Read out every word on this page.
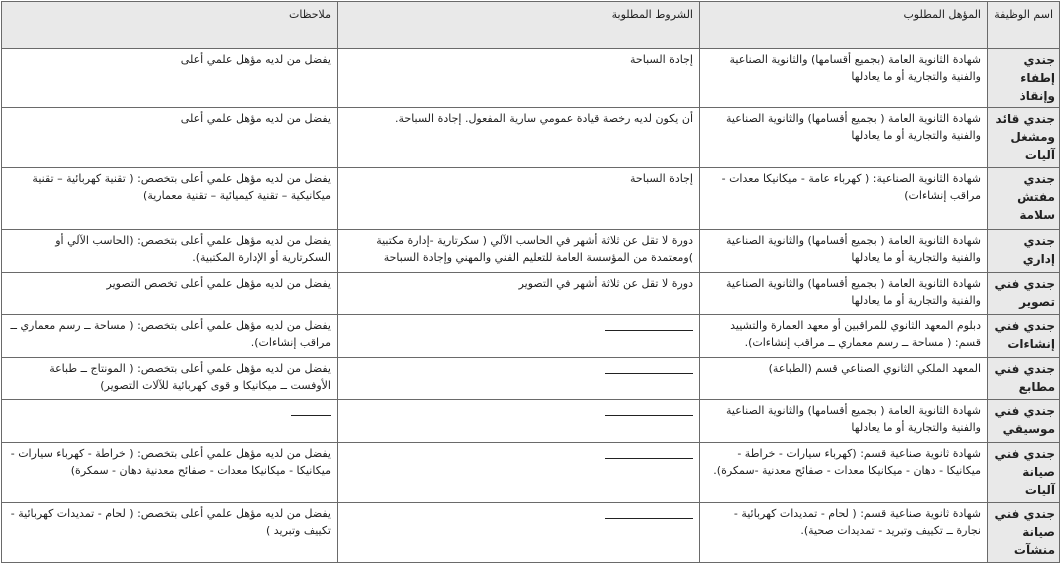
اسم الوظيفة	المؤهل المطلوب	الشروط المطلوبة	ملاحظات
جندي إطفاء وإنقاذ	شهادة الثانوية العامة (بجميع أقسامها) والثانوية الصناعية والفنية والتجارية أو ما يعادلها	إجادة السباحة	يفضل من لديه مؤهل علمي أعلى
جندي قائد ومشغل آليات	شهادة الثانوية العامة ( بجميع أقسامها) والثانوية الصناعية والفنية والتجارية أو ما يعادلها	أن يكون لديه رخصة قيادة عمومي سارية المفعول. إجادة السباحة.	يفضل من لديه مؤهل علمي أعلى
جندي مفتش سلامة	شهادة الثانوية الصناعية: ( كهرباء عامة - ميكانيكا معدات - مراقب إنشاءات)	إجادة السباحة	يفضل من لديه مؤهل علمي أعلى بتخصص: ( تقنية كهربائية – تقنية ميكانيكية – تقنية كيميائية – تقنية معمارية)
جندي إداري	شهادة الثانوية العامة ( بجميع أقسامها) والثانوية الصناعية والفنية والتجارية أو ما يعادلها	دورة لا تقل عن ثلاثة أشهر في الحاسب الآلي ( سكرتارية -إدارة مكتبية )ومعتمدة من المؤسسة العامة للتعليم الفني والمهني وإجادة السباحة	يفضل من لديه مؤهل علمي أعلى بتخصص: (الحاسب الآلي أو السكرتارية أو الإدارة المكتبية).
جندي فني تصوير	شهادة الثانوية العامة ( بجميع أقسامها) والثانوية الصناعية والفنية والتجارية أو ما يعادلها	دورة لا تقل عن ثلاثة أشهر في التصوير	يفضل من لديه مؤهل علمي أعلى تخصص التصوير
جندي فني إنشاءات	دبلوم المعهد الثانوي للمراقبين أو معهد العمارة والتشييد قسم: ( مساحة ــ رسم معماري ــ مراقب إنشاءات).		يفضل من لديه مؤهل علمي أعلى بتخصص: ( مساحة ــ رسم معماري ــ مراقب إنشاءات).
جندي فني مطابع	المعهد الملكي الثانوي الصناعي قسم (الطباعة)		يفضل من لديه مؤهل علمي أعلى بتخصص: ( المونتاج ــ طباعة الأوفست ــ ميكانيكا و قوى كهربائية للآلات التصوير)
جندي فني موسيقي	شهادة الثانوية العامة ( بجميع أقسامها) والثانوية الصناعية والفنية والتجارية أو ما يعادلها		
جندي فني صيانة آليات	شهادة ثانوية صناعية قسم: (كهرباء سيارات - خراطة - ميكانيكا - دهان - ميكانيكا معدات - صفائح معدنية -سمكرة).		يفضل من لديه مؤهل علمي أعلى بتخصص: ( خراطة - كهرباء سيارات - ميكانيكا - ميكانيكا معدات - صفائح معدنية دهان - سمكرة)
جندي فني صيانة منشآت	شهادة ثانوية صناعية قسم: ( لحام - تمديدات كهربائية - نجارة ــ تكييف وتبريد - تمديدات صحية).		يفضل من لديه مؤهل علمي أعلى بتخصص: ( لحام - تمديدات كهربائية - تكييف وتبريد )
